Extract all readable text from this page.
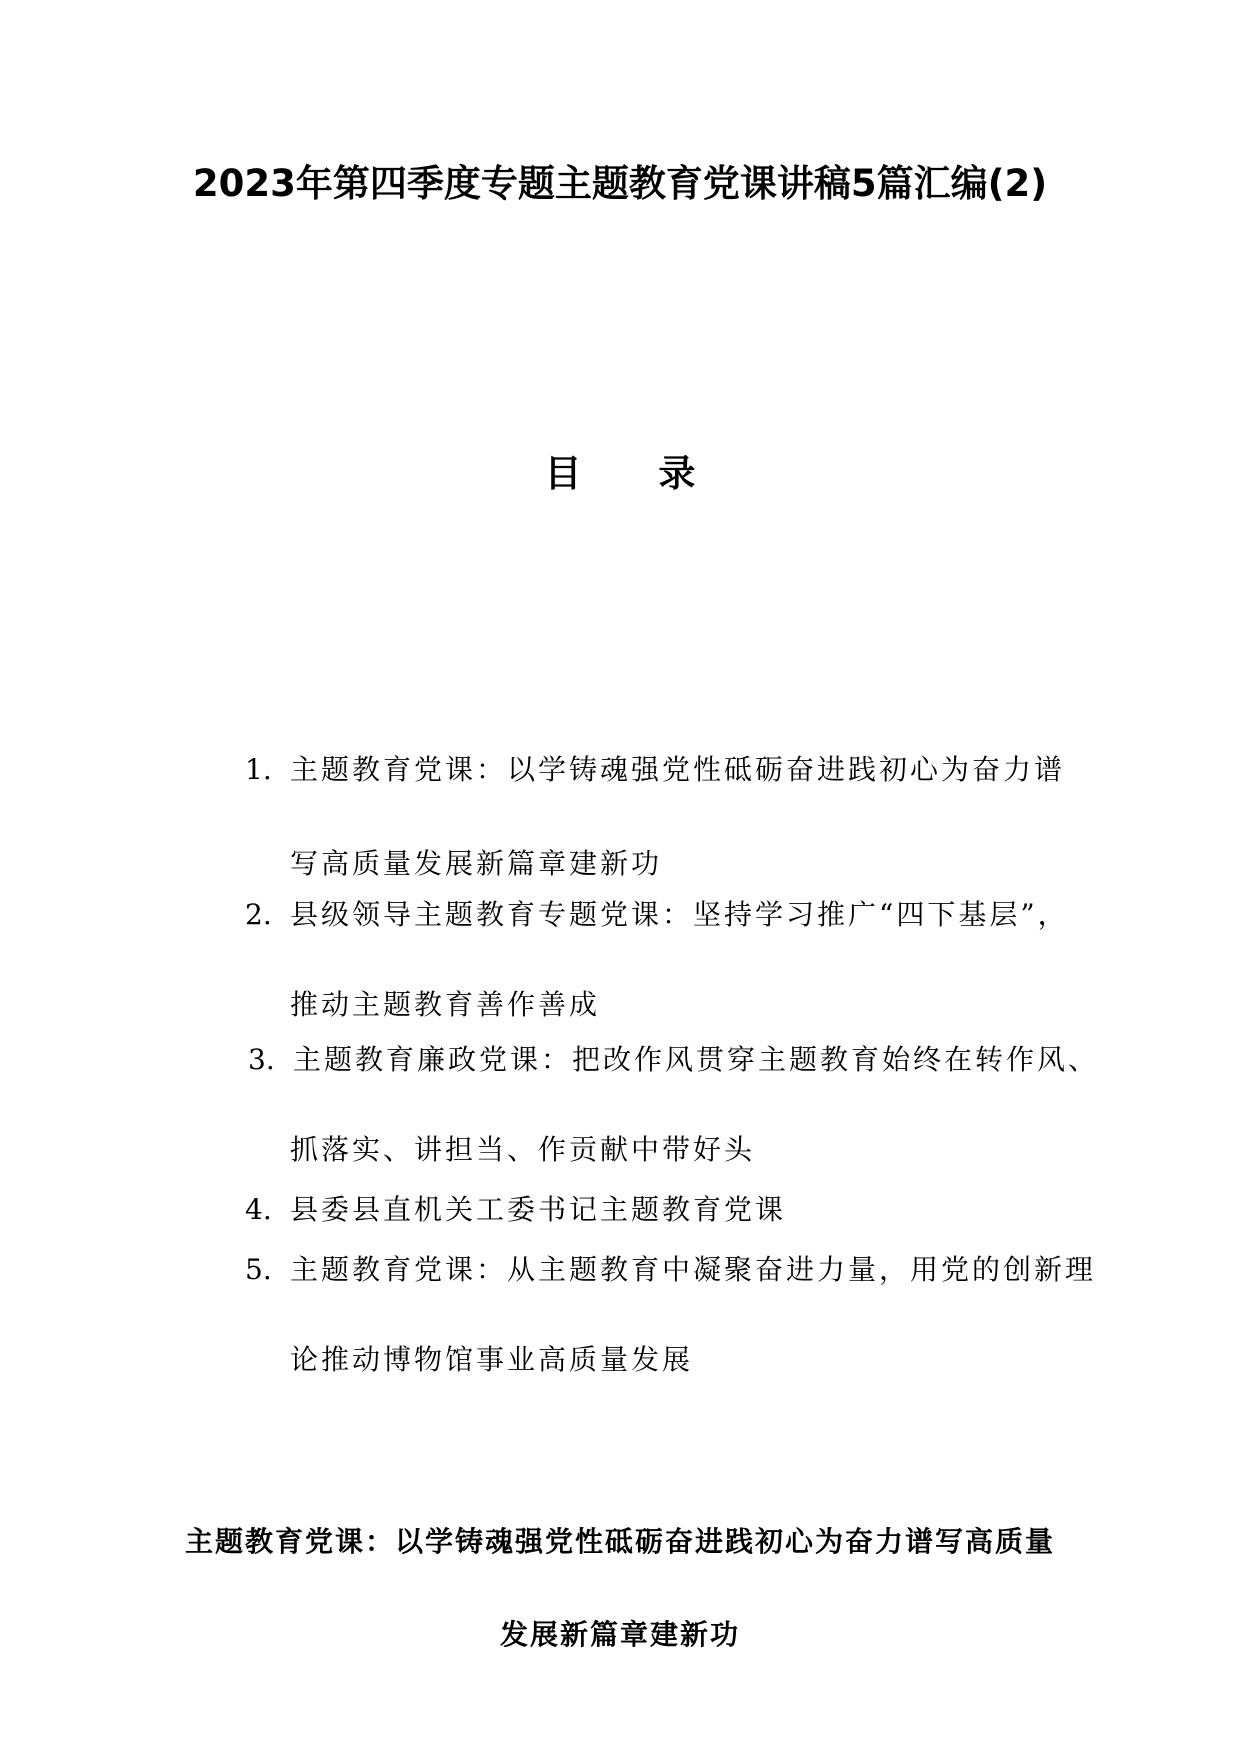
2023年第四季度专题主题教育党课讲稿5篇汇编(2)
目 录
1. 主题教育党课：以学铸魂强党性砥砺奋进践初心为奋力谱
写高质量发展新篇章建新功
2. 县级领导主题教育专题党课：坚持学习推广“四下基层”，
推动主题教育善作善成
3. 主题教育廉政党课：把改作风贯穿主题教育始终在转作风、
抓落实、讲担当、作贡献中带好头
4. 县委县直机关工委书记主题教育党课
5. 主题教育党课：从主题教育中凝聚奋进力量，用党的创新理
论推动博物馆事业高质量发展
主题教育党课：以学铸魂强党性砥砺奋进践初心为奋力谱写高质量
发展新篇章建新功
